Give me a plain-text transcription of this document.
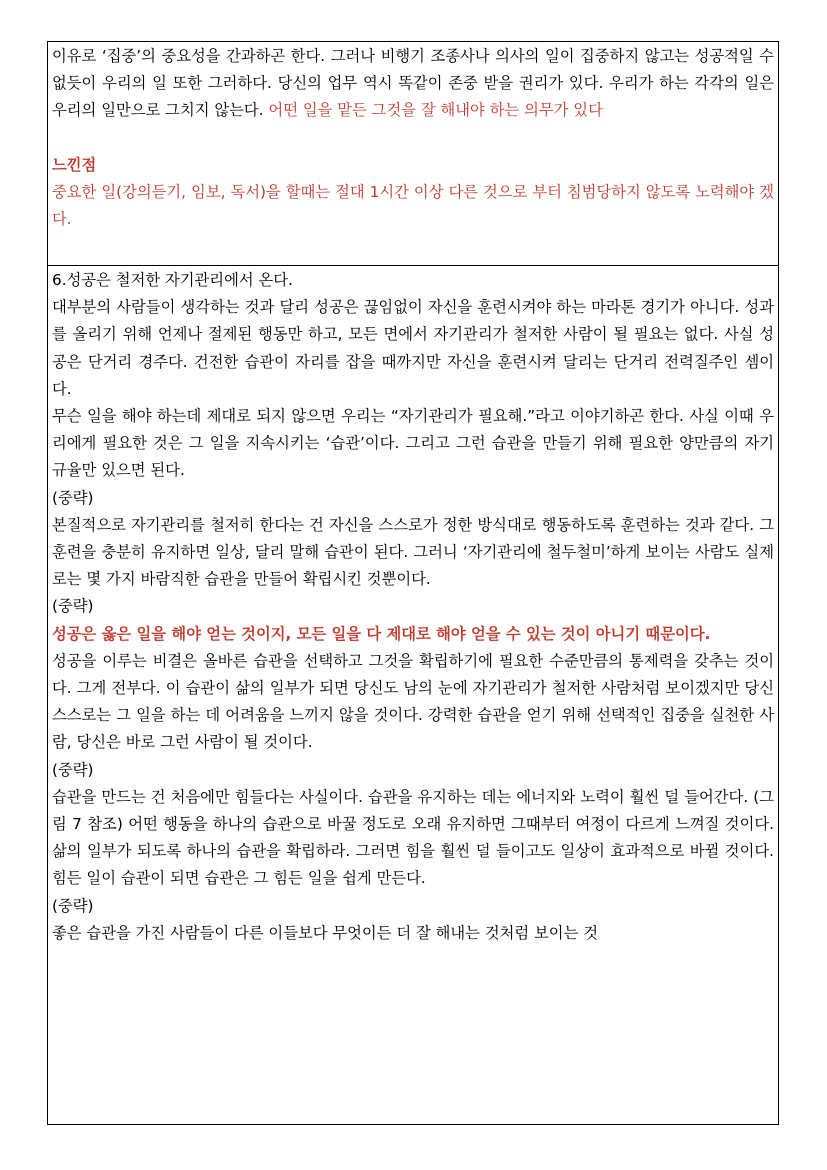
이유로 ‘집중’의 중요성을 간과하곤 한다. 그러나 비행기 조종사나 의사의 일이 집중하지 않고는 성공적일 수 없듯이 우리의 일 또한 그러하다. 당신의 업무 역시 똑같이 존중 받을 권리가 있다. 우리가 하는 각각의 일은 우리의 일만으로 그치지 않는다. 어떤 일을 맡든 그것을 잘 해내야 하는 의무가 있다

느낀점

중요한 일(강의듣기, 임보, 독서)을 할때는 절대 1시간 이상 다른 것으로 부터 침범당하지 않도록 노력해야 겠다.

6.성공은 철저한 자기관리에서 온다.

대부분의 사람들이 생각하는 것과 달리 성공은 끊임없이 자신을 훈련시켜야 하는 마라톤 경기가 아니다. 성과를 올리기 위해 언제나 절제된 행동만 하고, 모든 면에서 자기관리가 철저한 사람이 될 필요는 없다. 사실 성공은 단거리 경주다. 건전한 습관이 자리를 잡을 때까지만 자신을 훈련시켜 달리는 단거리 전력질주인 셈이다.

무슨 일을 해야 하는데 제대로 되지 않으면 우리는 “자기관리가 필요해.”라고 이야기하곤 한다. 사실 이때 우리에게 필요한 것은 그 일을 지속시키는 ‘습관’이다. 그리고 그런 습관을 만들기 위해 필요한 양만큼의 자기 규율만 있으면 된다.

(중략)

본질적으로 자기관리를 철저히 한다는 건 자신을 스스로가 정한 방식대로 행동하도록 훈련하는 것과 같다. 그 훈련을 충분히 유지하면 일상, 달리 말해 습관이 된다. 그러니 ‘자기관리에 철두철미’하게 보이는 사람도 실제로는 몇 가지 바람직한 습관을 만들어 확립시킨 것뿐이다.

(중략)

성공은 옳은 일을 해야 얻는 것이지, 모든 일을 다 제대로 해야 얻을 수 있는 것이 아니기 때문이다.

성공을 이루는 비결은 올바른 습관을 선택하고 그것을 확립하기에 필요한 수준만큼의 통제력을 갖추는 것이다. 그게 전부다. 이 습관이 삶의 일부가 되면 당신도 남의 눈에 자기관리가 철저한 사람처럼 보이겠지만 당신 스스로는 그 일을 하는 데 어려움을 느끼지 않을 것이다. 강력한 습관을 얻기 위해 선택적인 집중을 실천한 사람, 당신은 바로 그런 사람이 될 것이다.

(중략)

습관을 만드는 건 처음에만 힘들다는 사실이다. 습관을 유지하는 데는 에너지와 노력이 훨씬 덜 들어간다. (그림 7 참조) 어떤 행동을 하나의 습관으로 바꿀 정도로 오래 유지하면 그때부터 여정이 다르게 느껴질 것이다. 삶의 일부가 되도록 하나의 습관을 확립하라. 그러면 힘을 훨씬 덜 들이고도 일상이 효과적으로 바뀔 것이다. 힘든 일이 습관이 되면 습관은 그 힘든 일을 쉽게 만든다.

(중략)

좋은 습관을 가진 사람들이 다른 이들보다 무엇이든 더 잘 해내는 것처럼 보이는 것
